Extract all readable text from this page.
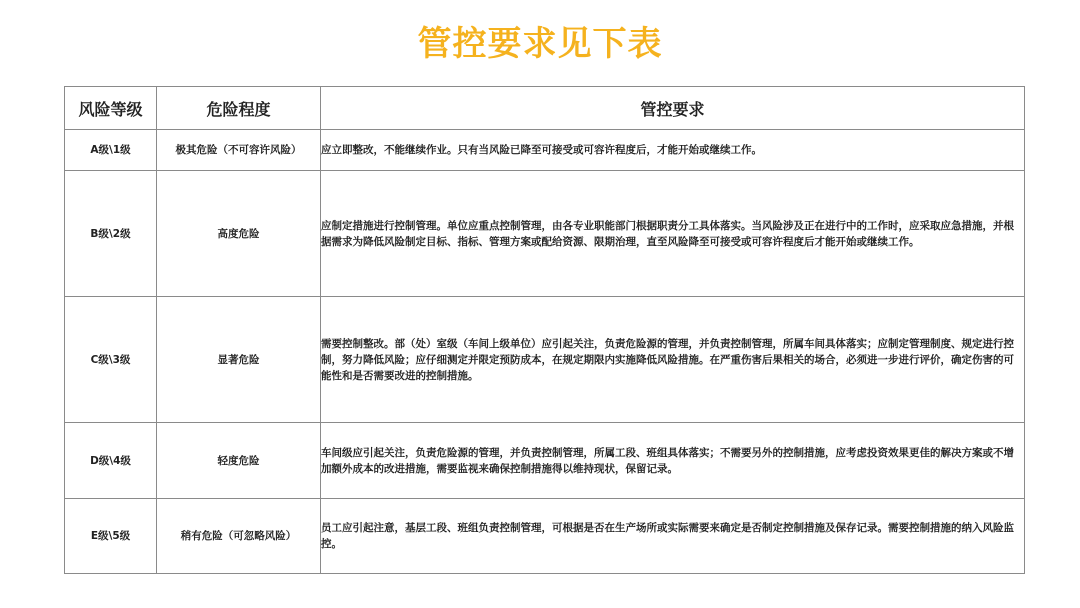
管控要求见下表
风险等级	危险程度	管控要求
A级\1级	极其危险（不可容许风险）	应立即整改，不能继续作业。只有当风险已降至可接受或可容许程度后，才能开始或继续工作。
B级\2级	高度危险	应制定措施进行控制管理。单位应重点控制管理，由各专业职能部门根据职责分工具体落实。当风险涉及正在进行中的工作时，应采取应急措施，并根据需求为降低风险制定目标、指标、管理方案或配给资源、限期治理，直至风险降至可接受或可容许程度后才能开始或继续工作。
C级\3级	显著危险	需要控制整改。部（处）室级（车间上级单位）应引起关注，负责危险源的管理，并负责控制管理，所属车间具体落实；应制定管理制度、规定进行控制，努力降低风险；应仔细测定并限定预防成本，在规定期限内实施降低风险措施。在严重伤害后果相关的场合，必须进一步进行评价，确定伤害的可能性和是否需要改进的控制措施。
D级\4级	轻度危险	车间级应引起关注，负责危险源的管理，并负责控制管理，所属工段、班组具体落实；不需要另外的控制措施，应考虑投资效果更佳的解决方案或不增加额外成本的改进措施，需要监视来确保控制措施得以维持现状，保留记录。
E级\5级	稍有危险（可忽略风险）	员工应引起注意，基层工段、班组负责控制管理，可根据是否在生产场所或实际需要来确定是否制定控制措施及保存记录。需要控制措施的纳入风险监控。
